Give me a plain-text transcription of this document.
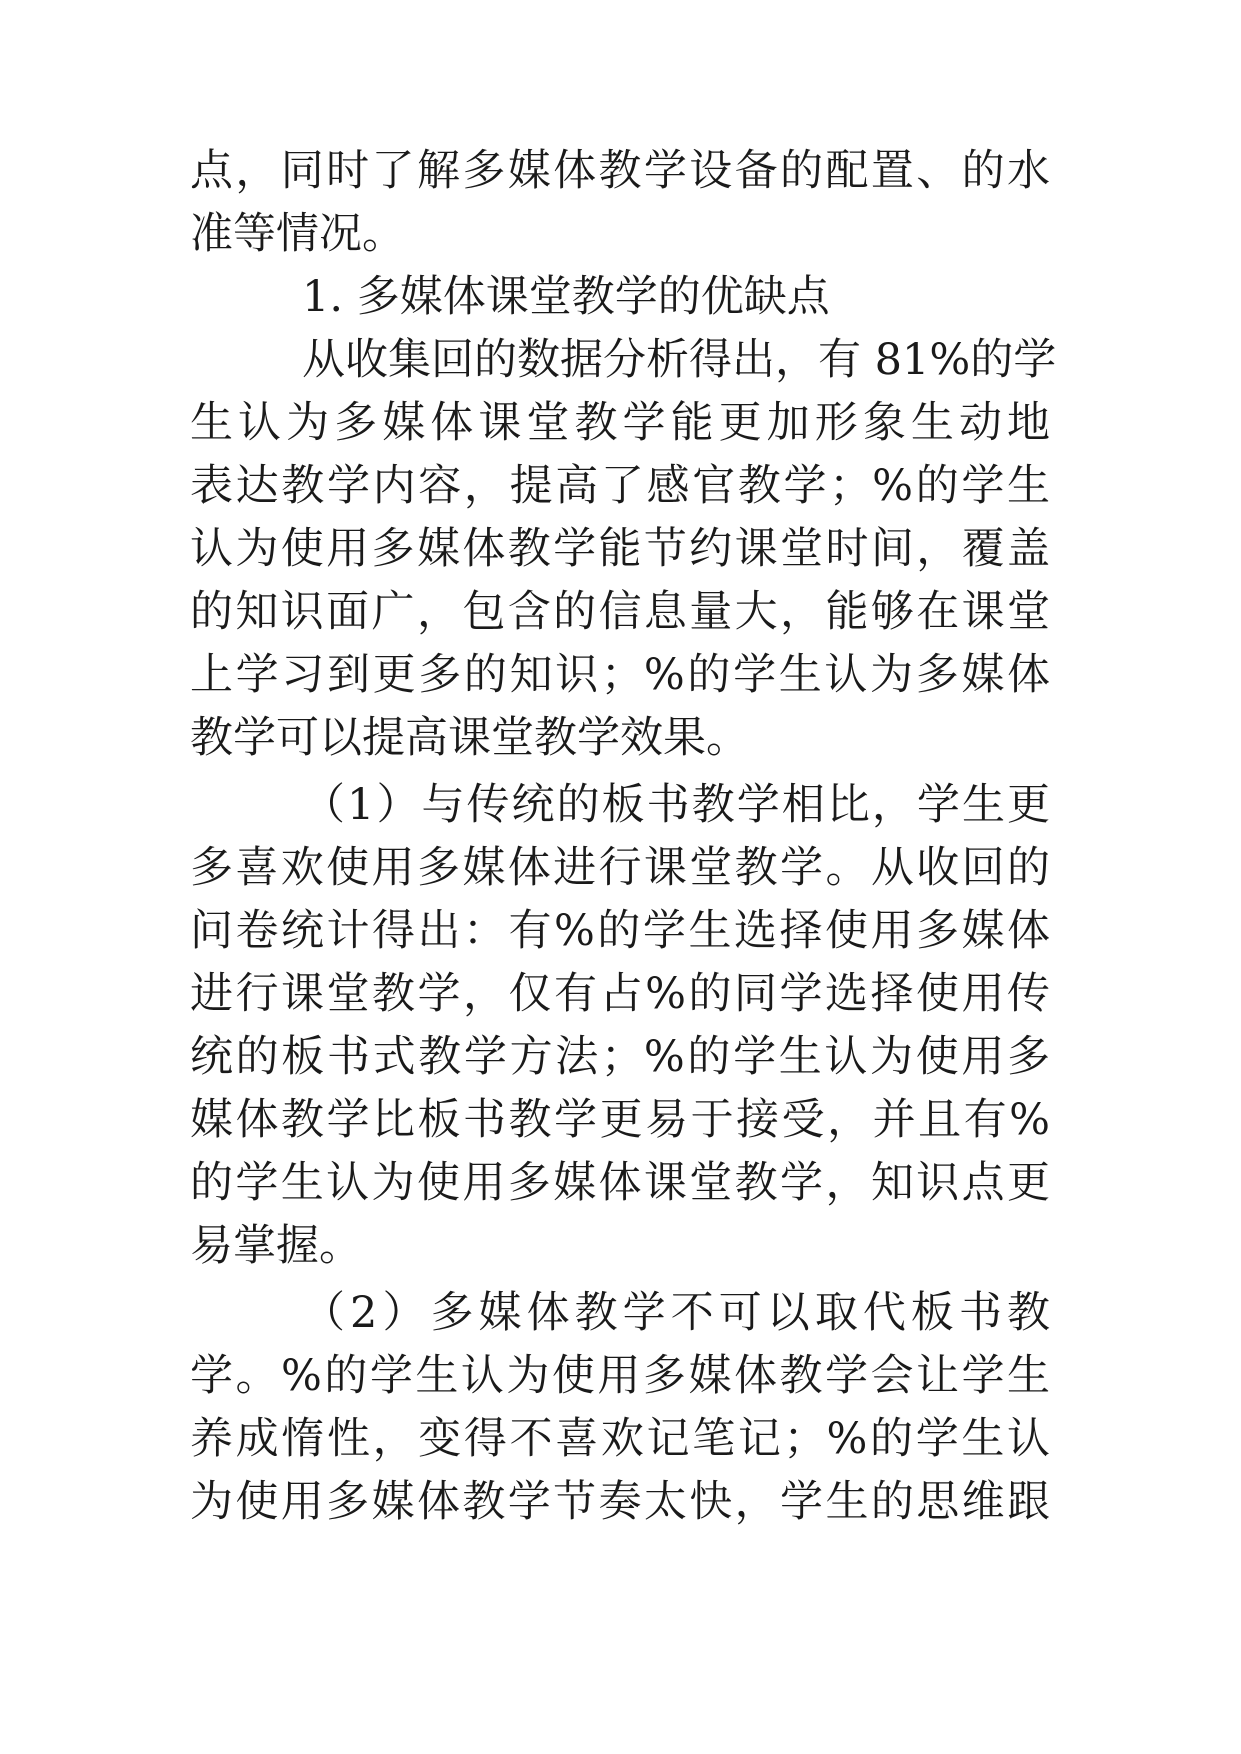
点，同时了解多媒体教学设备的配置、的水
准等情况。
1. 多媒体课堂教学的优缺点
从收集回的数据分析得出，有 81%的学
生认为多媒体课堂教学能更加形象生动地
表达教学内容，提高了感官教学；%的学生
认为使用多媒体教学能节约课堂时间，覆盖
的知识面广，包含的信息量大，能够在课堂
上学习到更多的知识；%的学生认为多媒体
教学可以提高课堂教学效果。
（1）与传统的板书教学相比，学生更
多喜欢使用多媒体进行课堂教学。从收回的
问卷统计得出：有%的学生选择使用多媒体
进行课堂教学，仅有占%的同学选择使用传
统的板书式教学方法；%的学生认为使用多
媒体教学比板书教学更易于接受，并且有%
的学生认为使用多媒体课堂教学，知识点更
易掌握。
（2）多媒体教学不可以取代板书教
学。%的学生认为使用多媒体教学会让学生
养成惰性，变得不喜欢记笔记；%的学生认
为使用多媒体教学节奏太快，学生的思维跟
